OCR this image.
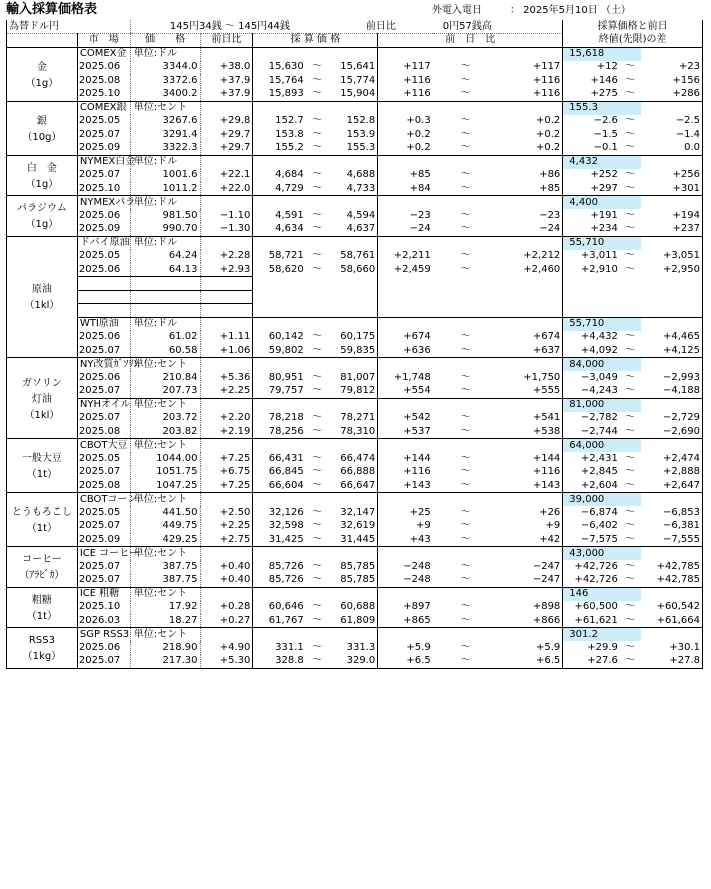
輸入採算価格表	外電入電日	： 2025年5月10日 （土）
為替ドル円		145円34銭 ～ 145円44銭				前日比		0円57銭高		採算価格と前日		
	市　場	価　　格	前日比	採 算 価 格			前　日　比			終値(先限)の差		

金
（1g）	COMEX金	単位:ドル								15,618		
	2025.06	3344.0	+38.0	15,630	～	15,641	+117	～	+117	+12	～	+23
	2025.08	3372.6	+37.9	15,764	～	15,774	+116	～	+116	+146	～	+156
	2025.10	3400.2	+37.9	15,893	～	15,904	+116	～	+116	+275	～	+286

銀
（10g）	COMEX銀	単位:セント								155.3		
	2025.05	3267.6	+29.8	152.7	～	152.8	+0.3	～	+0.2	−2.6	～	−2.5
	2025.07	3291.4	+29.7	153.8	～	153.9	+0.2	～	+0.2	−1.5	～	−1.4
	2025.09	3322.3	+29.7	155.2	～	155.3	+0.2	～	+0.2	−0.1	～	0.0

白　金
（1g）	NYMEX白金	単位:ドル								4,432		
	2025.07	1001.6	+22.1	4,684	～	4,688	+85	～	+86	+252	～	+256
	2025.10	1011.2	+22.0	4,729	～	4,733	+84	～	+85	+297	～	+301

パラジウム
（1g）	NYMEXパラ	単位:ドル								4,400		
	2025.06	981.50	−1.10	4,591	～	4,594	−23	～	−23	+191	～	+194
	2025.09	990.70	−1.30	4,634	～	4,637	−24	～	−24	+234	～	+237

原油
（1kl）	ドバイ原油	単位:ドル								55,710		
	2025.05	64.24	+2.28	58,721	～	58,761	+2,211	～	+2,212	+3,011	～	+3,051
	2025.06	64.13	+2.93	58,620	～	58,660	+2,459	～	+2,460	+2,910	～	+2,950

	WTI原油	単位:ドル								55,710		
	2025.06	61.02	+1.11	60,142	～	60,175	+674	～	+674	+4,432	～	+4,465
	2025.07	60.58	+1.06	59,802	～	59,835	+636	～	+637	+4,092	～	+4,125

ガソリン
灯油
（1kl）	NY改質ｶﾞｿﾘﾝ	単位:セント								84,000		
	2025.06	210.84	+5.36	80,951	～	81,007	+1,748	～	+1,750	−3,049	～	−2,993
	2025.07	207.73	+2.25	79,757	～	79,812	+554	～	+555	−4,243	～	−4,188
	NYHオイル	単位:セント								81,000		
	2025.07	203.72	+2.20	78,218	～	78,271	+542	～	+541	−2,782	～	−2,729
	2025.08	203.82	+2.19	78,256	～	78,310	+537	～	+538	−2,744	～	−2,690

一般大豆
（1t）	CBOT大豆	単位:セント								64,000		
	2025.05	1044.00	+7.25	66,431	～	66,474	+144	～	+144	+2,431	～	+2,474
	2025.07	1051.75	+6.75	66,845	～	66,888	+116	～	+116	+2,845	～	+2,888
	2025.08	1047.25	+7.25	66,604	～	66,647	+143	～	+143	+2,604	～	+2,647

とうもろこし
（1t）	CBOTコーン	単位:セント								39,000		
	2025.05	441.50	+2.50	32,126	～	32,147	+25	～	+26	−6,874	～	−6,853
	2025.07	449.75	+2.25	32,598	～	32,619	+9	～	+9	−6,402	～	−6,381
	2025.09	429.25	+2.75	31,425	～	31,445	+43	～	+42	−7,575	～	−7,555

コーヒー
（ｱﾗﾋﾞｶ）	ICE コーヒー	単位:セント								43,000		
	2025.07	387.75	+0.40	85,726	～	85,785	−248	～	−247	+42,726	～	+42,785
	2025.07	387.75	+0.40	85,726	～	85,785	−248	～	−247	+42,726	～	+42,785

粗糖
（1t）	ICE 粗糖	単位:セント								146		
	2025.10	17.92	+0.28	60,646	～	60,688	+897	～	+898	+60,500	～	+60,542
	2026.03	18.27	+0.27	61,767	～	61,809	+865	～	+866	+61,621	～	+61,664

RSS3
（1kg）	SGP RSS3	単位:セント								301.2		
	2025.06	218.90	+4.90	331.1	～	331.3	+5.9	～	+5.9	+29.9	～	+30.1
	2025.07	217.30	+5.30	328.8	～	329.0	+6.5	～	+6.5	+27.6	～	+27.8
